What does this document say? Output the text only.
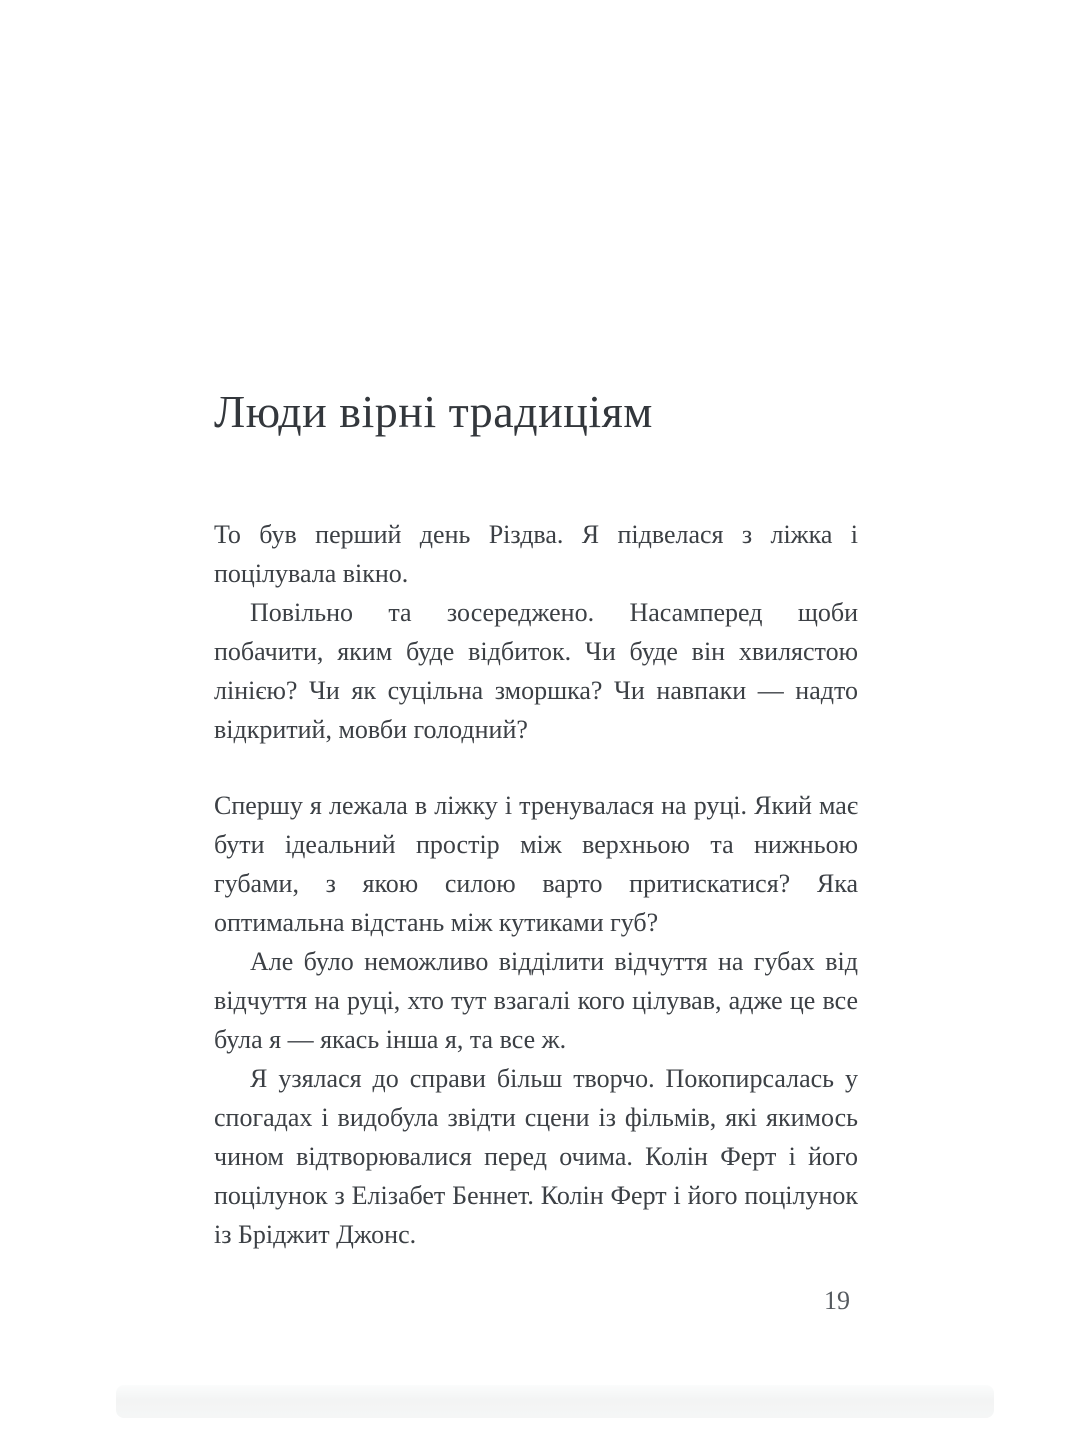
Люди вірні традиціям

То був перший день Різдва. Я підвелася з ліжка і поцілувала вікно.

Повільно та зосереджено. Насамперед щоби побачити, яким буде відбиток. Чи буде він хвилястою лінією? Чи як суцільна зморшка? Чи навпаки — надто відкритий, мовби голодний?

Спершу я лежала в ліжку і тренувалася на руці. Який має бути ідеальний простір між верхньою та нижньою губами, з якою силою варто притискатися? Яка оптимальна відстань між кутиками губ?

Але було неможливо відділити відчуття на губах від відчуття на руці, хто тут взагалі кого цілував, адже це все була я — якась інша я, та все ж.

Я узялася до справи більш творчо. Покопирсалась у спогадах і видобула звідти сцени із фільмів, які якимось чином відтворювалися перед очима. Колін Ферт і його поцілунок з Елізабет Беннет. Колін Ферт і його поцілунок із Бріджит Джонс.

19
